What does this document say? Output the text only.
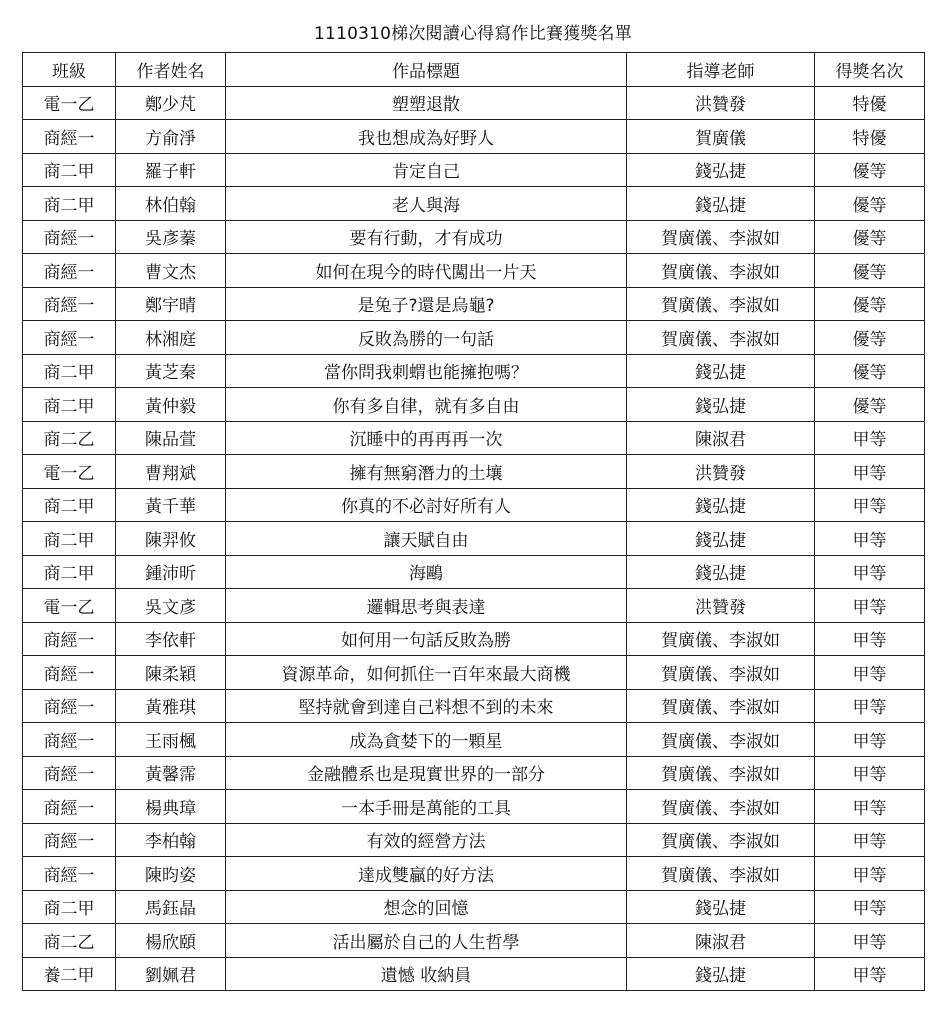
1110310梯次閱讀心得寫作比賽獲獎名單
班級	作者姓名	作品標題	指導老師	得獎名次
電一乙	鄭少芃	塑塑退散	洪贊發	特優
商經一	方俞淨	我也想成為好野人	賀廣儀	特優
商二甲	羅子軒	肯定自己	錢弘捷	優等
商二甲	林伯翰	老人與海	錢弘捷	優等
商經一	吳彥蓁	要有行動，才有成功	賀廣儀、李淑如	優等
商經一	曹文杰	如何在現今的時代闖出一片天	賀廣儀、李淑如	優等
商經一	鄭宇晴	是兔子?還是烏龜?	賀廣儀、李淑如	優等
商經一	林湘庭	反敗為勝的一句話	賀廣儀、李淑如	優等
商二甲	黃芝秦	當你問我刺蝟也能擁抱嗎？	錢弘捷	優等
商二甲	黃仲毅	你有多自律，就有多自由	錢弘捷	優等
商二乙	陳品萱	沉睡中的再再再一次	陳淑君	甲等
電一乙	曹翔斌	擁有無窮潛力的土壤	洪贊發	甲等
商二甲	黃千華	你真的不必討好所有人	錢弘捷	甲等
商二甲	陳羿攸	讓天賦自由	錢弘捷	甲等
商二甲	鍾沛昕	海鷗	錢弘捷	甲等
電一乙	吳文彥	邏輯思考與表達	洪贊發	甲等
商經一	李依軒	如何用一句話反敗為勝	賀廣儀、李淑如	甲等
商經一	陳柔穎	資源革命，如何抓住一百年來最大商機	賀廣儀、李淑如	甲等
商經一	黃雅琪	堅持就會到達自己料想不到的未來	賀廣儀、李淑如	甲等
商經一	王雨楓	成為貪婪下的一顆星	賀廣儀、李淑如	甲等
商經一	黃馨霈	金融體系也是現實世界的一部分	賀廣儀、李淑如	甲等
商經一	楊典璋	一本手冊是萬能的工具	賀廣儀、李淑如	甲等
商經一	李柏翰	有效的經營方法	賀廣儀、李淑如	甲等
商經一	陳昀姿	達成雙贏的好方法	賀廣儀、李淑如	甲等
商二甲	馬鈺晶	想念的回憶	錢弘捷	甲等
商二乙	楊欣頤	活出屬於自己的人生哲學	陳淑君	甲等
養二甲	劉姵君	遺憾 收納員	錢弘捷	甲等
